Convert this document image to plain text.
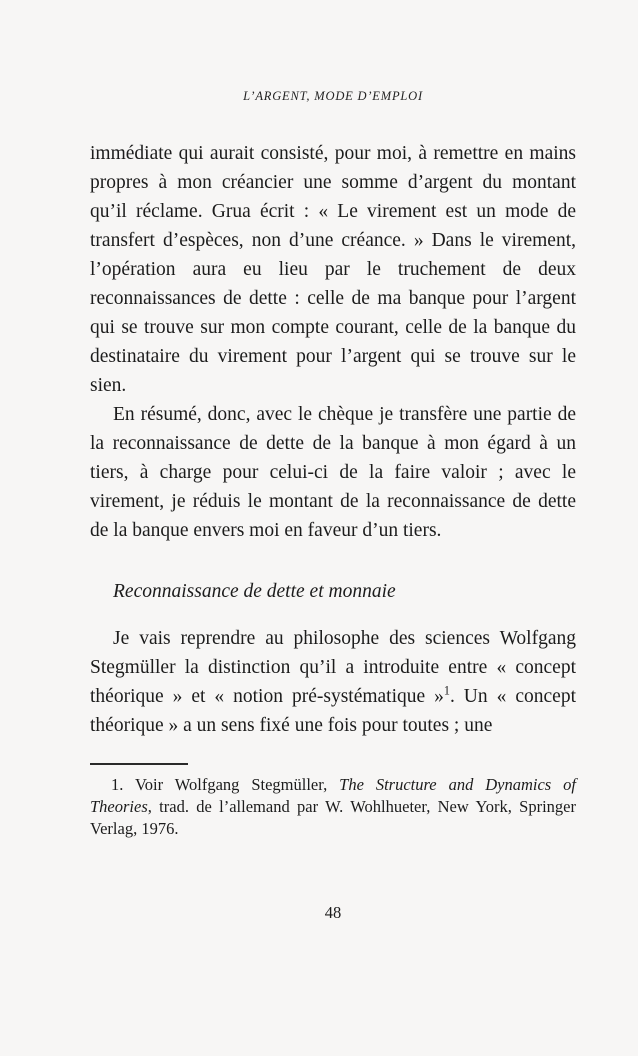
L’ARGENT, MODE D’EMPLOI

immédiate qui aurait consisté, pour moi, à remettre en mains propres à mon créancier une somme d’argent du montant qu’il réclame. Grua écrit : « Le virement est un mode de transfert d’espèces, non d’une créance. » Dans le virement, l’opération aura eu lieu par le truchement de deux reconnaissances de dette : celle de ma banque pour l’argent qui se trouve sur mon compte courant, celle de la banque du destinataire du virement pour l’argent qui se trouve sur le sien.

En résumé, donc, avec le chèque je transfère une partie de la reconnaissance de dette de la banque à mon égard à un tiers, à charge pour celui-ci de la faire valoir ; avec le virement, je réduis le montant de la reconnaissance de dette de la banque envers moi en faveur d’un tiers.

Reconnaissance de dette et monnaie

Je vais reprendre au philosophe des sciences Wolfgang Stegmüller la distinction qu’il a introduite entre « concept théorique » et « notion pré-systématique »$^1$. Un « concept théorique » a un sens fixé une fois pour toutes ; une

1. Voir Wolfgang Stegmüller, The Structure and Dynamics of Theories, trad. de l’allemand par W. Wohlhueter, New York, Springer Verlag, 1976.

48
